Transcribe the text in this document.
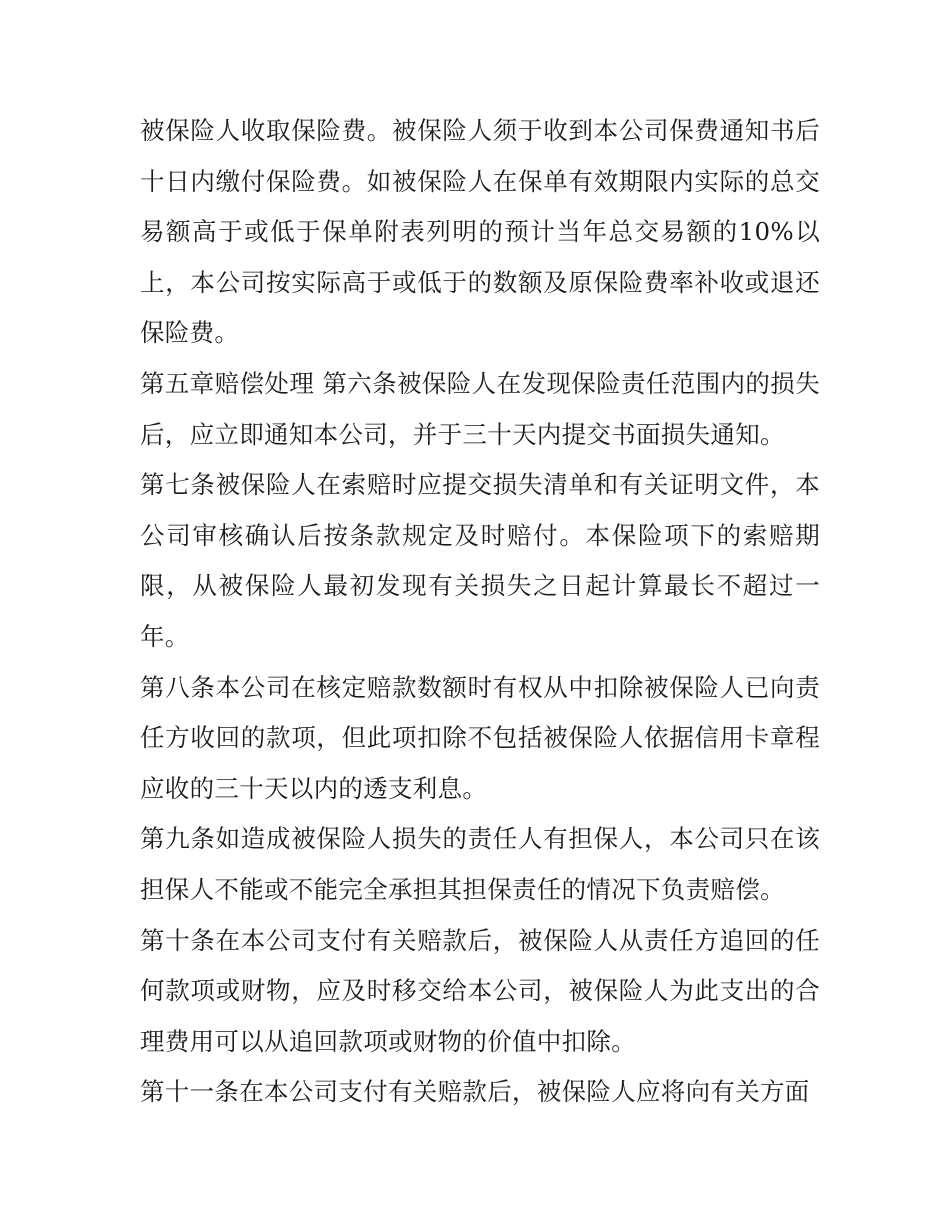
被保险人收取保险费。被保险人须于收到本公司保费通知书后十日内缴付保险费。如被保险人在保单有效期限内实际的总交易额高于或低于保单附表列明的预计当年总交易额的10%以上，本公司按实际高于或低于的数额及原保险费率补收或退还保险费。

第五章赔偿处理 第六条被保险人在发现保险责任范围内的损失后，应立即通知本公司，并于三十天内提交书面损失通知。

第七条被保险人在索赔时应提交损失清单和有关证明文件，本公司审核确认后按条款规定及时赔付。本保险项下的索赔期限，从被保险人最初发现有关损失之日起计算最长不超过一年。

第八条本公司在核定赔款数额时有权从中扣除被保险人已向责任方收回的款项，但此项扣除不包括被保险人依据信用卡章程应收的三十天以内的透支利息。

第九条如造成被保险人损失的责任人有担保人，本公司只在该担保人不能或不能完全承担其担保责任的情况下负责赔偿。

第十条在本公司支付有关赔款后，被保险人从责任方追回的任何款项或财物，应及时移交给本公司，被保险人为此支出的合理费用可以从追回款项或财物的价值中扣除。

第十一条在本公司支付有关赔款后，被保险人应将向有关方面
